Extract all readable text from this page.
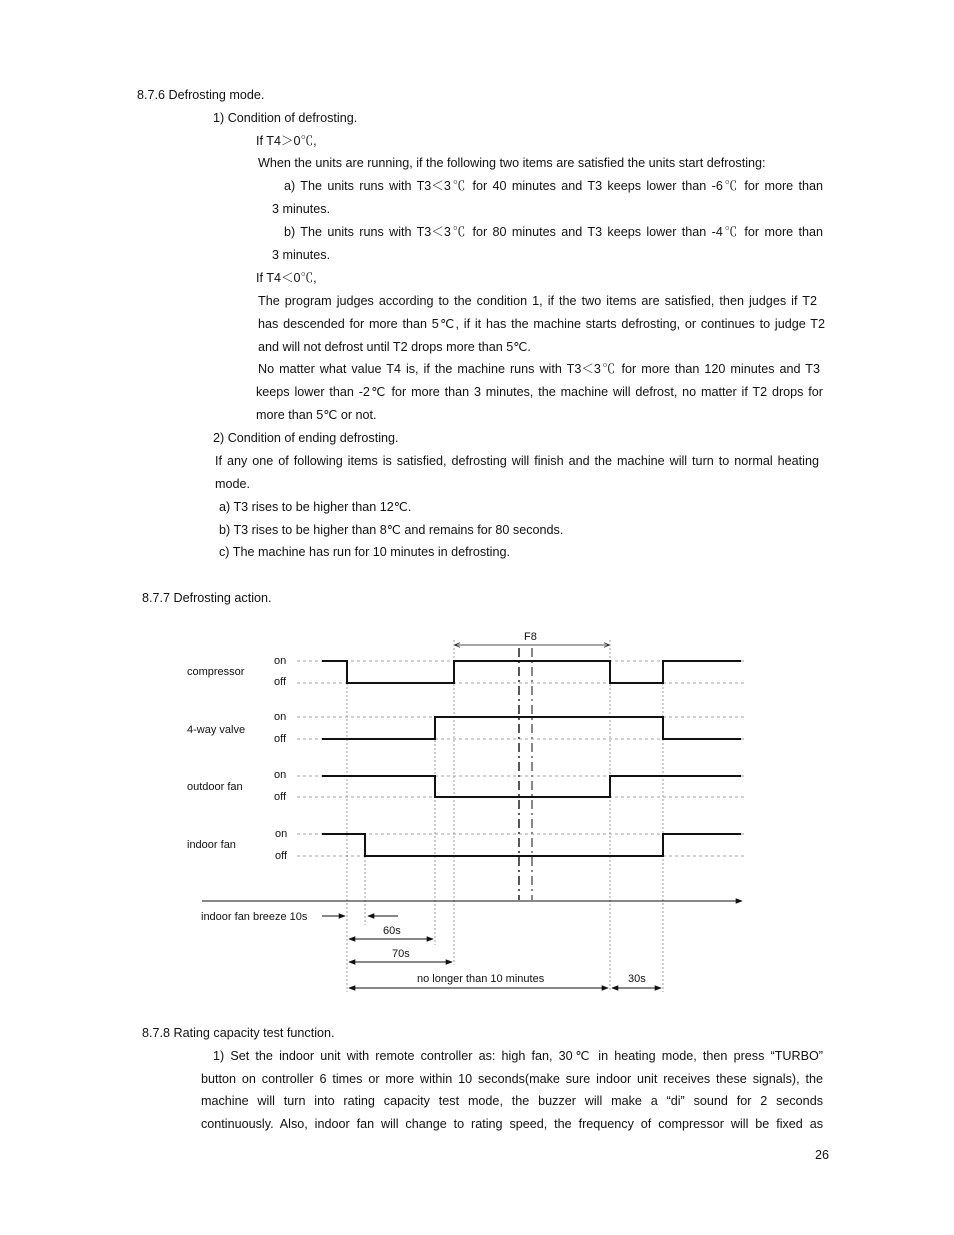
8.7.6 Defrosting mode.

1) Condition of defrosting.

If T4＞0℃,

When the units are running, if the following two items are satisfied the units start defrosting:

a) The units runs with T3＜3℃ for 40 minutes and T3 keeps lower than -6℃ for more than

3 minutes.

b) The units runs with T3＜3℃ for 80 minutes and T3 keeps lower than -4℃ for more than

3 minutes.

If T4＜0℃,

The program judges according to the condition 1, if the two items are satisfied, then judges if T2

has descended for more than 5℃, if it has the machine starts defrosting, or continues to judge T2

and will not defrost until T2 drops more than 5℃.

No matter what value T4 is, if the machine runs with T3＜3℃ for more than 120 minutes and T3

keeps lower than -2℃ for more than 3 minutes, the machine will defrost, no matter if T2 drops for

more than 5℃ or not.

2) Condition of ending defrosting.

If any one of following items is satisfied, defrosting will finish and the machine will turn to normal heating

mode.

a) T3 rises to be higher than 12℃.

b) T3 rises to be higher than 8℃ and remains for 80 seconds.

c) The machine has run for 10 minutes in defrosting.

8.7.7 Defrosting action.

F8
compressor
on
off
4-way valve
on
off
outdoor fan
on
off
indoor fan
on
off
indoor fan breeze 10s
60s
70s
no longer than 10 minutes	30s

8.7.8 Rating capacity test function.

1) Set the indoor unit with remote controller as: high fan, 30℃ in heating mode, then press “TURBO”

button on controller 6 times or more within 10 seconds(make sure indoor unit receives these signals), the

machine will turn into rating capacity test mode, the buzzer will make a “di” sound for 2 seconds

continuously. Also, indoor fan will change to rating speed, the frequency of compressor will be fixed as

26
